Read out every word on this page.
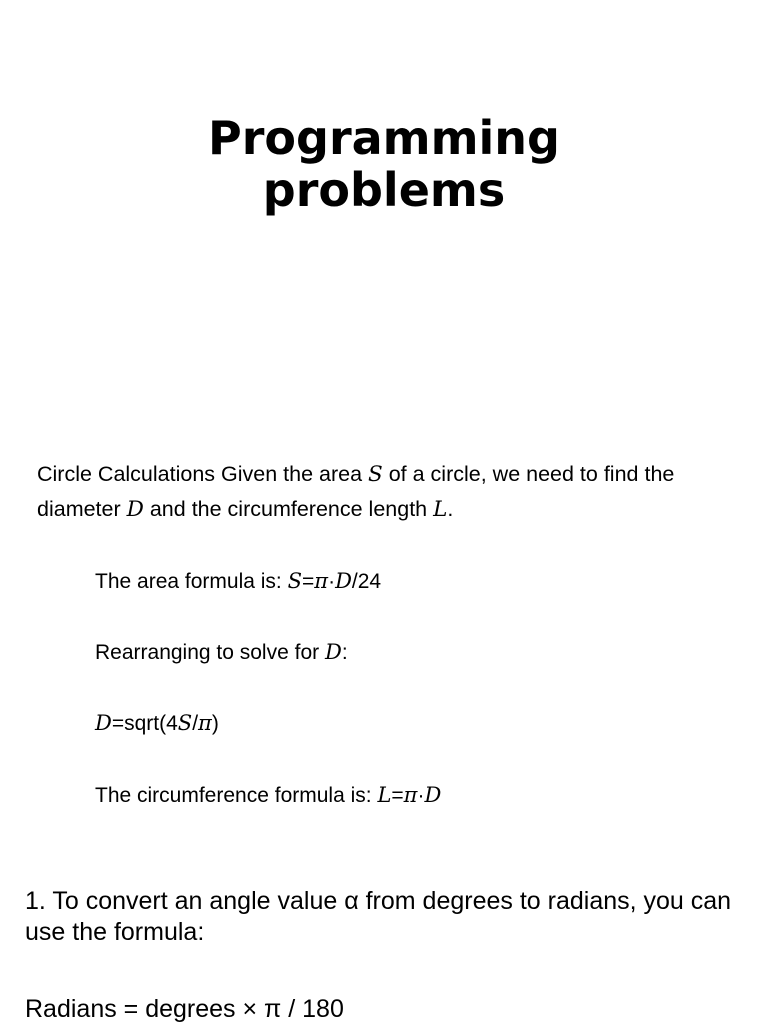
Programming
problems

Circle Calculations Given the area S of a circle, we need to find the diameter D and the circumference length L.

The area formula is: S=π·D/24

Rearranging to solve for D:

D=sqrt(4S/π)

The circumference formula is: L=π·D

1. To convert an angle value α from degrees to radians, you can use the formula:

Radians = degrees × π / 180
